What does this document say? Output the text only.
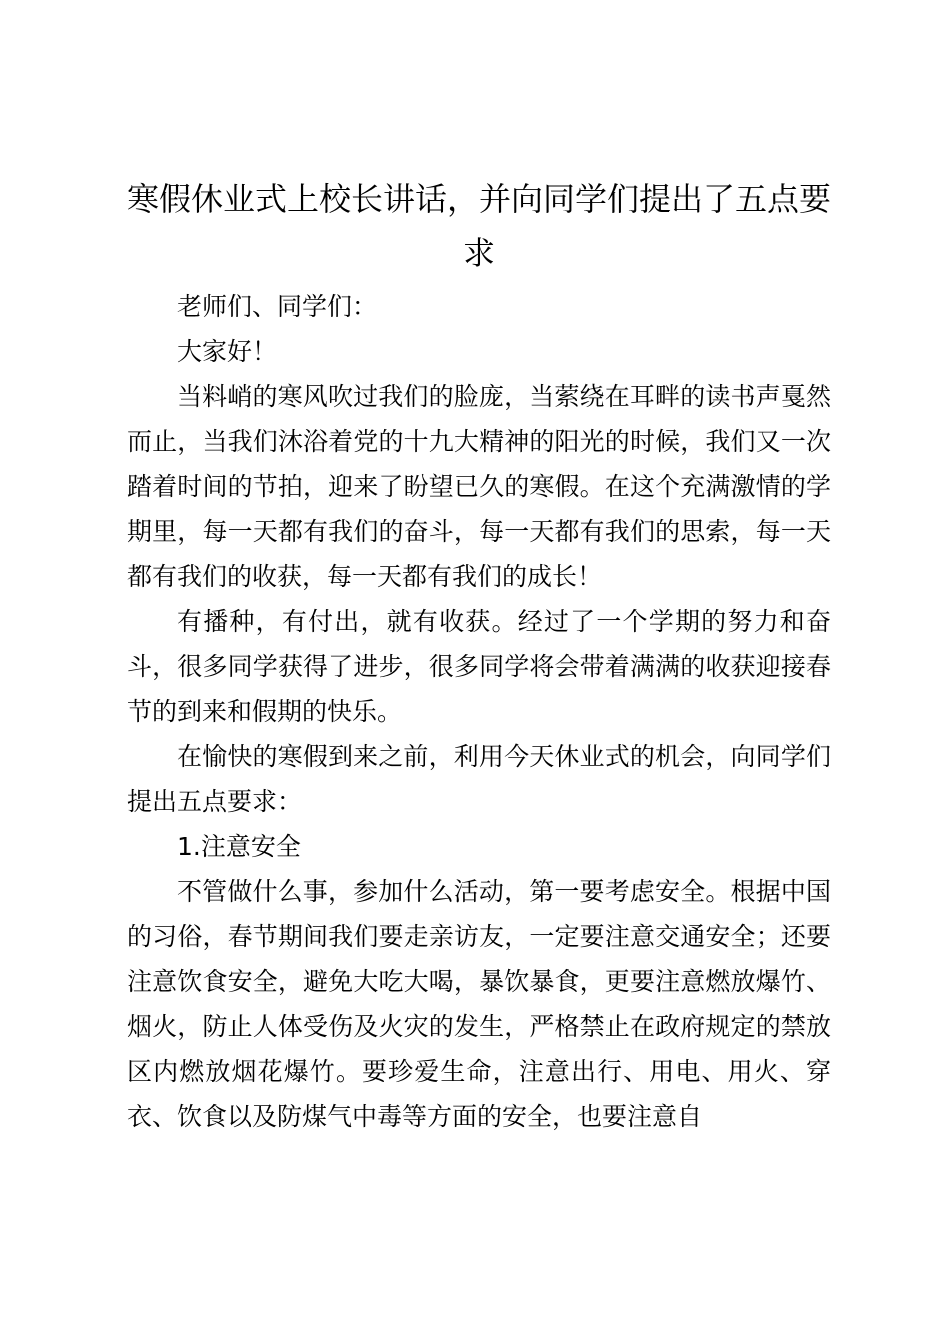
寒假休业式上校长讲话，并向同学们提出了五点要求

老师们、同学们：

大家好！

当料峭的寒风吹过我们的脸庞，当萦绕在耳畔的读书声戛然而止，当我们沐浴着党的十九大精神的阳光的时候，我们又一次踏着时间的节拍，迎来了盼望已久的寒假。在这个充满激情的学期里，每一天都有我们的奋斗，每一天都有我们的思索，每一天都有我们的收获，每一天都有我们的成长！

有播种，有付出，就有收获。经过了一个学期的努力和奋斗，很多同学获得了进步，很多同学将会带着满满的收获迎接春节的到来和假期的快乐。

在愉快的寒假到来之前，利用今天休业式的机会，向同学们提出五点要求：

1.注意安全

不管做什么事，参加什么活动，第一要考虑安全。根据中国的习俗，春节期间我们要走亲访友，一定要注意交通安全；还要注意饮食安全，避免大吃大喝，暴饮暴食，更要注意燃放爆竹、烟火，防止人体受伤及火灾的发生，严格禁止在政府规定的禁放区内燃放烟花爆竹。要珍爱生命，注意出行、用电、用火、穿衣、饮食以及防煤气中毒等方面的安全，也要注意自
